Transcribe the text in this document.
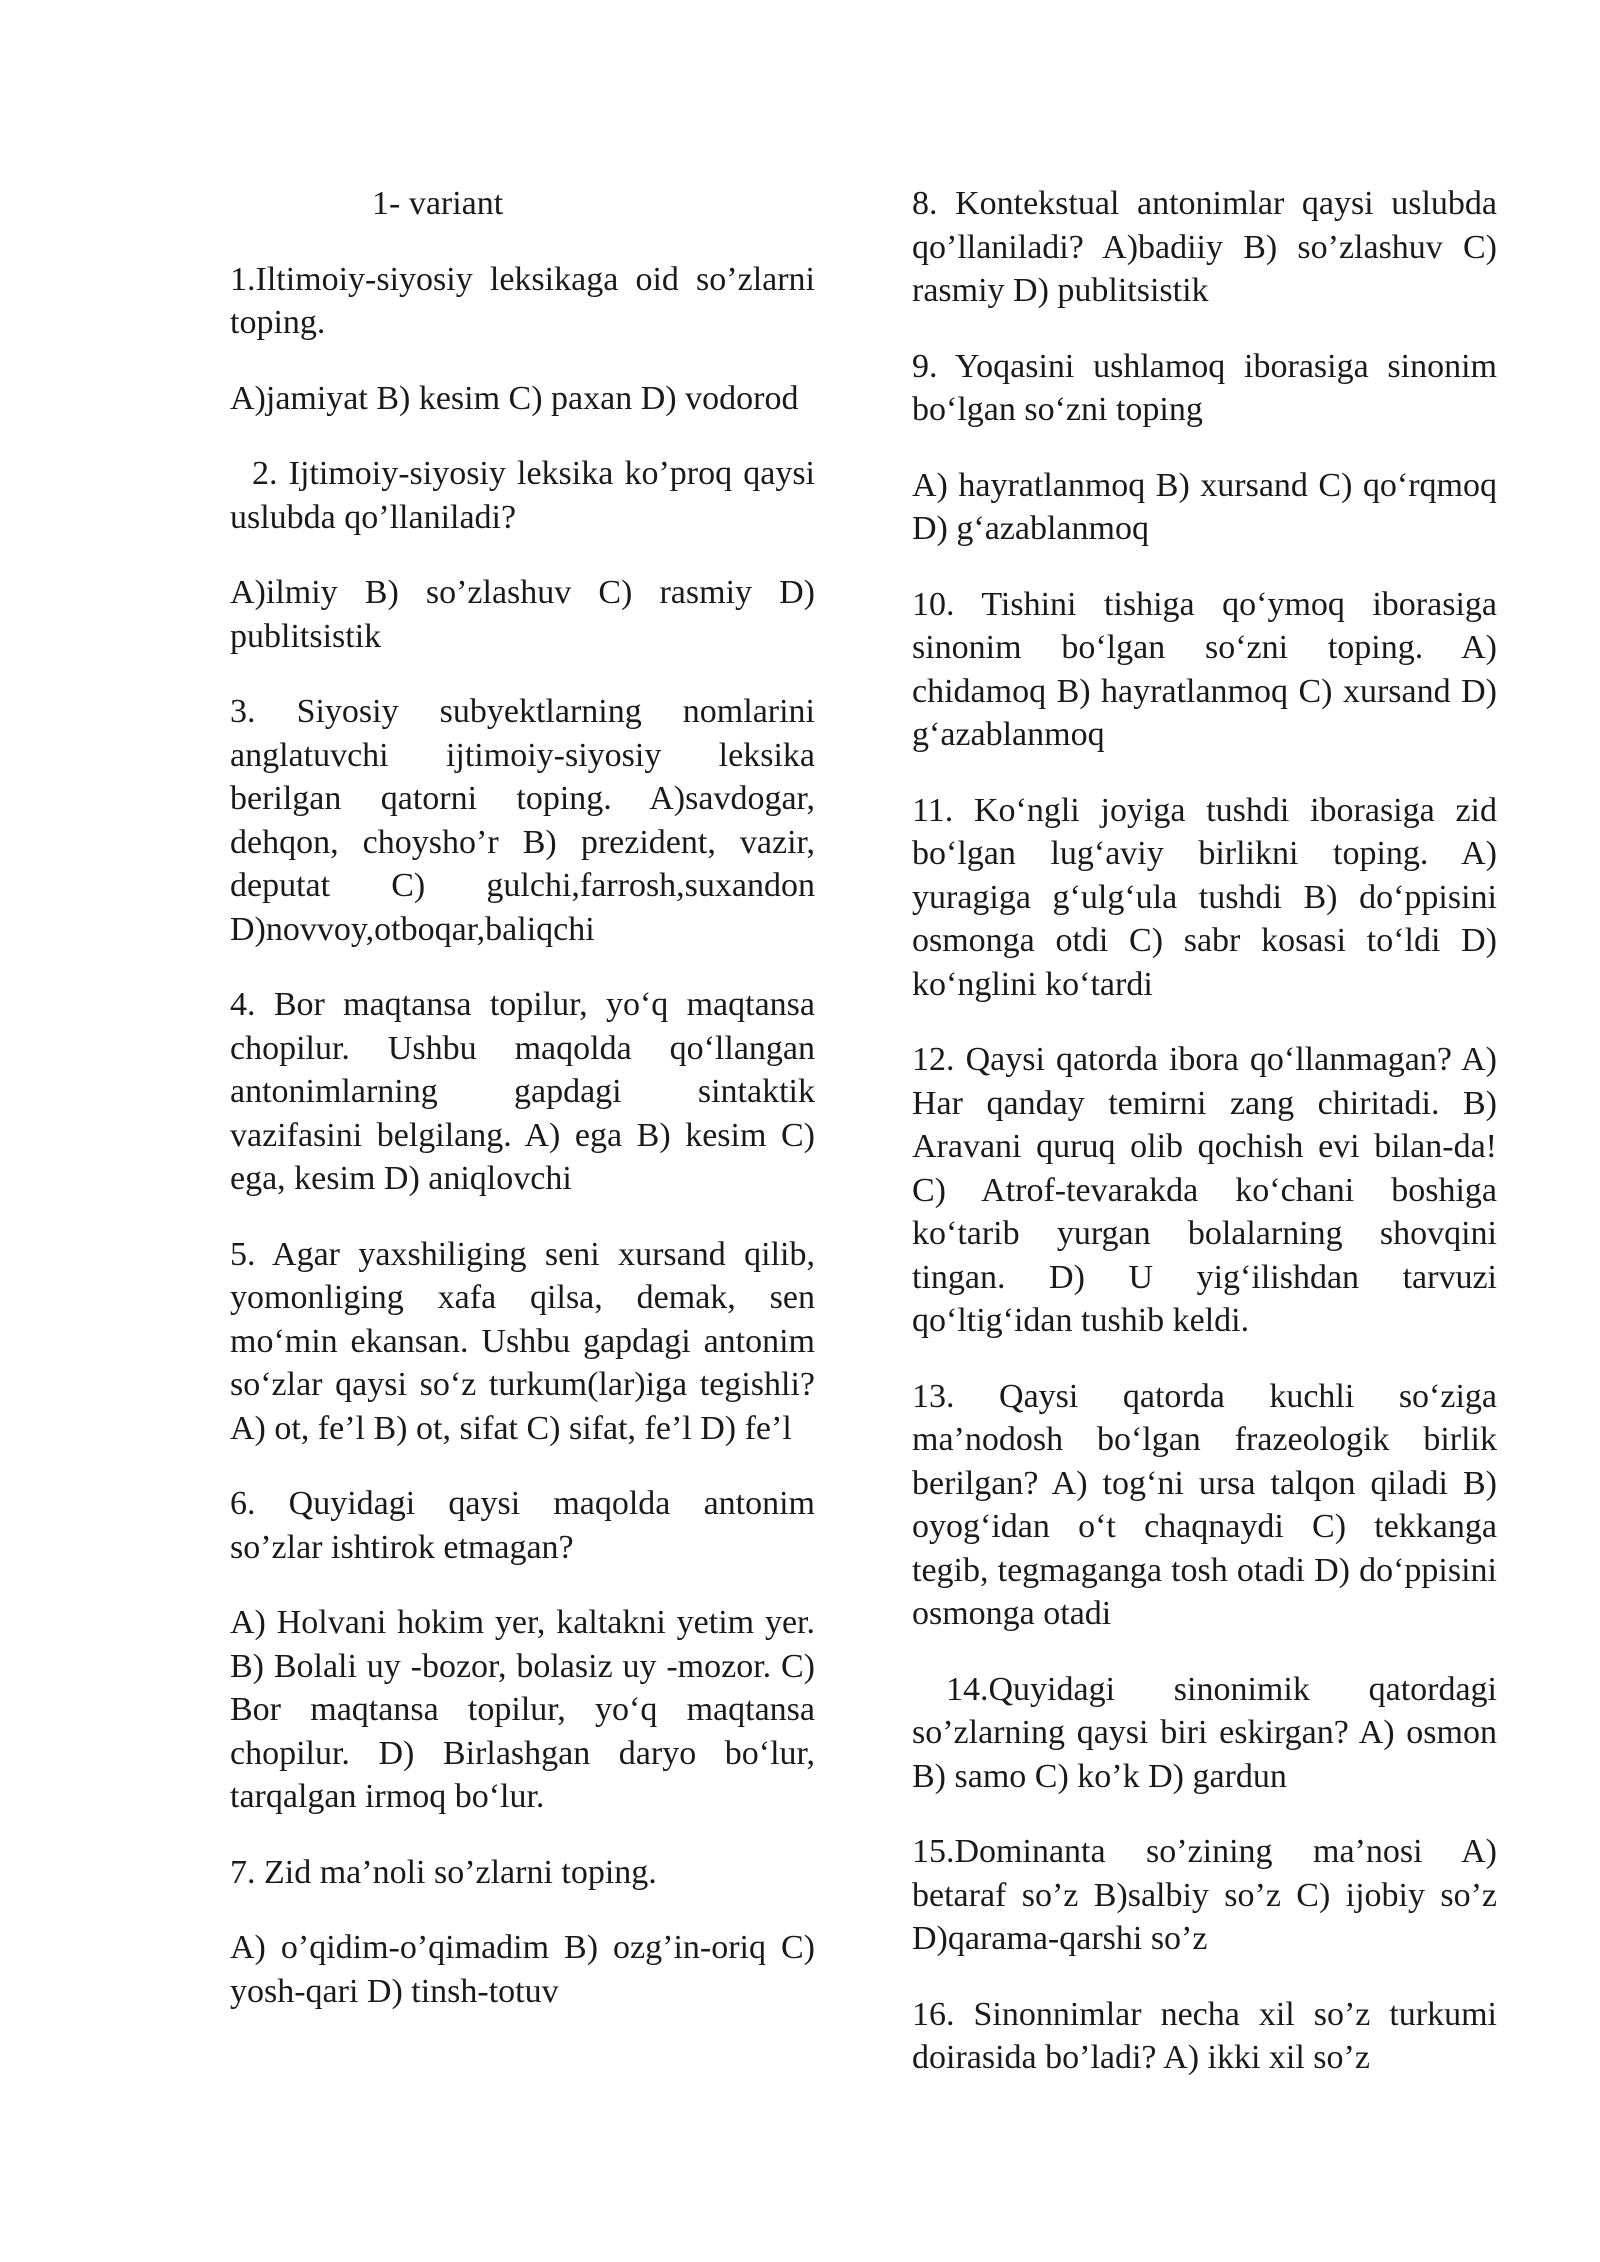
1- variant

1.Iltimoiy-siyosiy leksikaga oid so’zlarni toping.

A)jamiyat B) kesim C) paxan D) vodorod

2. Ijtimoiy-siyosiy leksika ko’proq qaysi uslubda qo’llaniladi?

A)ilmiy B) so’zlashuv C) rasmiy D) publitsistik

3. Siyosiy subyektlarning nomlarini anglatuvchi ijtimoiy-siyosiy leksika berilgan qatorni toping. A)savdogar, dehqon, choysho’r B) prezident, vazir, deputat C) gulchi,farrosh,suxandon D)novvoy,otboqar,baliqchi

4. Bor maqtansa topilur, yoʻq maqtansa chopilur. Ushbu maqolda qoʻllangan antonimlarning gapdagi sintaktik vazifasini belgilang. A) ega B) kesim C) ega, kesim D) aniqlovchi

5. Agar yaxshiliging seni xursand qilib, yomonliging xafa qilsa, demak, sen moʻmin ekansan. Ushbu gapdagi antonim soʻzlar qaysi soʻz turkum(lar)iga tegishli? A) ot, fe’l B) ot, sifat C) sifat, fe’l D) fe’l

6. Quyidagi qaysi maqolda antonim so’zlar ishtirok etmagan?

A) Holvani hokim yer, kaltakni yetim yer. B) Bolali uy -bozor, bolasiz uy -mozor. C) Bor maqtansa topilur, yoʻq maqtansa chopilur. D) Birlashgan daryo boʻlur, tarqalgan irmoq boʻlur.

7. Zid ma’noli so’zlarni toping.

A) o’qidim-o’qimadim B) ozg’in-oriq C) yosh-qari D) tinsh-totuv

8. Kontekstual antonimlar qaysi uslubda qo’llaniladi? A)badiiy B) so’zlashuv C) rasmiy D) publitsistik

9. Yoqasini ushlamoq iborasiga sinonim boʻlgan soʻzni toping

A) hayratlanmoq B) xursand C) qoʻrqmoq D) gʻazablanmoq

10. Tishini tishiga qoʻymoq iborasiga sinonim boʻlgan soʻzni toping. A) chidamoq B) hayratlanmoq C) xursand D) gʻazablanmoq

11. Koʻngli joyiga tushdi iborasiga zid boʻlgan lugʻaviy birlikni toping. A) yuragiga gʻulgʻula tushdi B) doʻppisini osmonga otdi C) sabr kosasi toʻldi D) koʻnglini koʻtardi

12. Qaysi qatorda ibora qoʻllanmagan? A) Har qanday temirni zang chiritadi. B) Aravani quruq olib qochish evi bilan-da! C) Atrof-tevarakda koʻchani boshiga koʻtarib yurgan bolalarning shovqini tingan. D) U yigʻilishdan tarvuzi qoʻltigʻidan tushib keldi.

13. Qaysi qatorda kuchli soʻziga ma’nodosh boʻlgan frazeologik birlik berilgan? A) togʻni ursa talqon qiladi B) oyogʻidan oʻt chaqnaydi C) tekkanga tegib, tegmaganga tosh otadi D) doʻppisini osmonga otadi

14.Quyidagi sinonimik qatordagi so’zlarning qaysi biri eskirgan? A) osmon B) samo C) ko’k D) gardun

15.Dominanta so’zining ma’nosi A) betaraf so’z B)salbiy so’z C) ijobiy so’z D)qarama-qarshi so’z

16. Sinonnimlar necha xil so’z turkumi doirasida bo’ladi? A) ikki xil so’z
